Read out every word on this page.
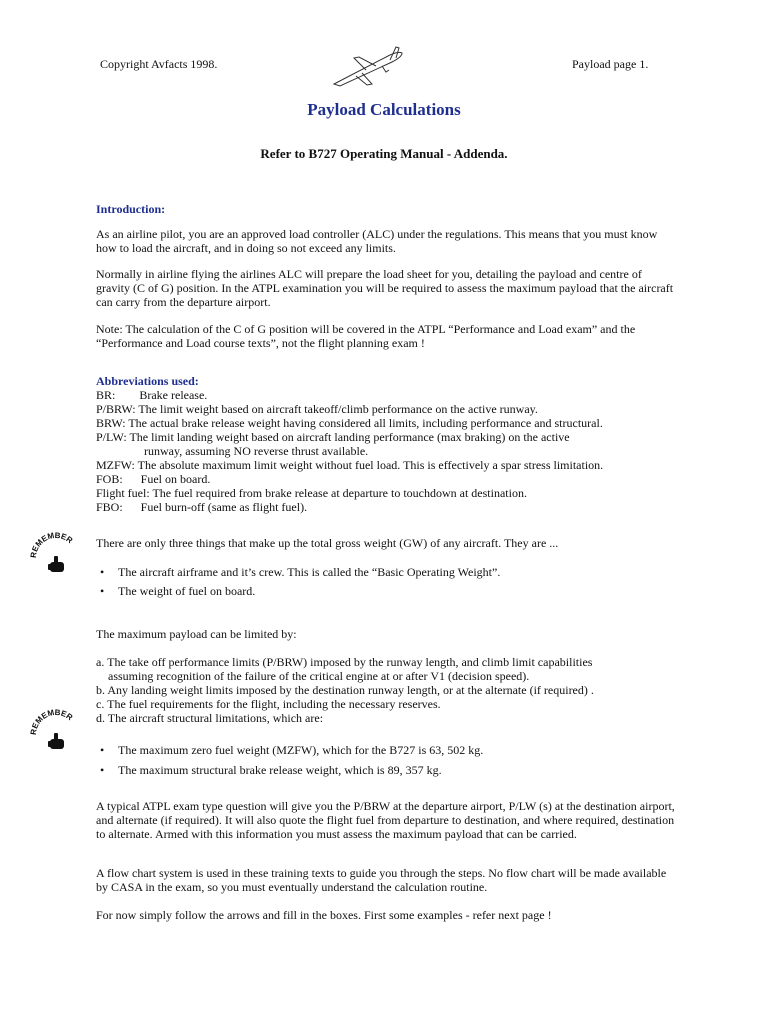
Copyright Avfacts 1998.	Payload page 1.
Payload Calculations
Refer to B727 Operating Manual - Addenda.
Introduction:
As an airline pilot, you are an approved load controller (ALC) under the regulations. This means that you must know how to load the aircraft, and in doing so not exceed any limits.
Normally in airline flying the airlines ALC will prepare the load sheet for you, detailing the payload and centre of gravity (C of G) position. In the ATPL examination you will be required to assess the maximum payload that the aircraft can carry from the departure airport.
Note: The calculation of the C of G position will be covered in the ATPL “Performance and Load exam” and the “Performance and Load course texts”, not the flight planning exam !
Abbreviations used:
BR:        Brake release.
P/BRW: The limit weight based on aircraft takeoff/climb performance on the active runway.
BRW: The actual brake release weight having considered all limits, including performance and structural.
P/LW: The limit landing weight based on aircraft landing performance (max braking) on the active
runway, assuming NO reverse thrust available.
MZFW: The absolute maximum limit weight without fuel load. This is effectively a spar stress limitation.
FOB:      Fuel on board.
Flight fuel: The fuel required from brake release at departure to touchdown at destination.
FBO:      Fuel burn-off (same as flight fuel).
REMEMBER There are only three things that make up the total gross weight (GW) of any aircraft. They are ...
• The aircraft airframe and it’s crew. This is called the “Basic Operating Weight”.
• The weight of fuel on board.
The maximum payload can be limited by:
a. The take off performance limits (P/BRW) imposed by the runway length, and climb limit capabilities
assuming recognition of the failure of the critical engine at or after V1 (decision speed).
b. Any landing weight limits imposed by the destination runway length, or at the alternate (if required) .
c. The fuel requirements for the flight, including the necessary reserves.
d. The aircraft structural limitations, which are:
REMEMBER
• The maximum zero fuel weight (MZFW), which for the B727 is 63, 502 kg.
• The maximum structural brake release weight, which is 89, 357 kg.
A typical ATPL exam type question will give you the P/BRW at the departure airport, P/LW (s) at the destination airport, and alternate (if required). It will also quote the flight fuel from departure to destination, and where required, destination to alternate. Armed with this information you must assess the maximum payload that can be carried.
A flow chart system is used in these training texts to guide you through the steps. No flow chart will be made available by CASA in the exam, so you must eventually understand the calculation routine.
For now simply follow the arrows and fill in the boxes. First some examples - refer next page !
